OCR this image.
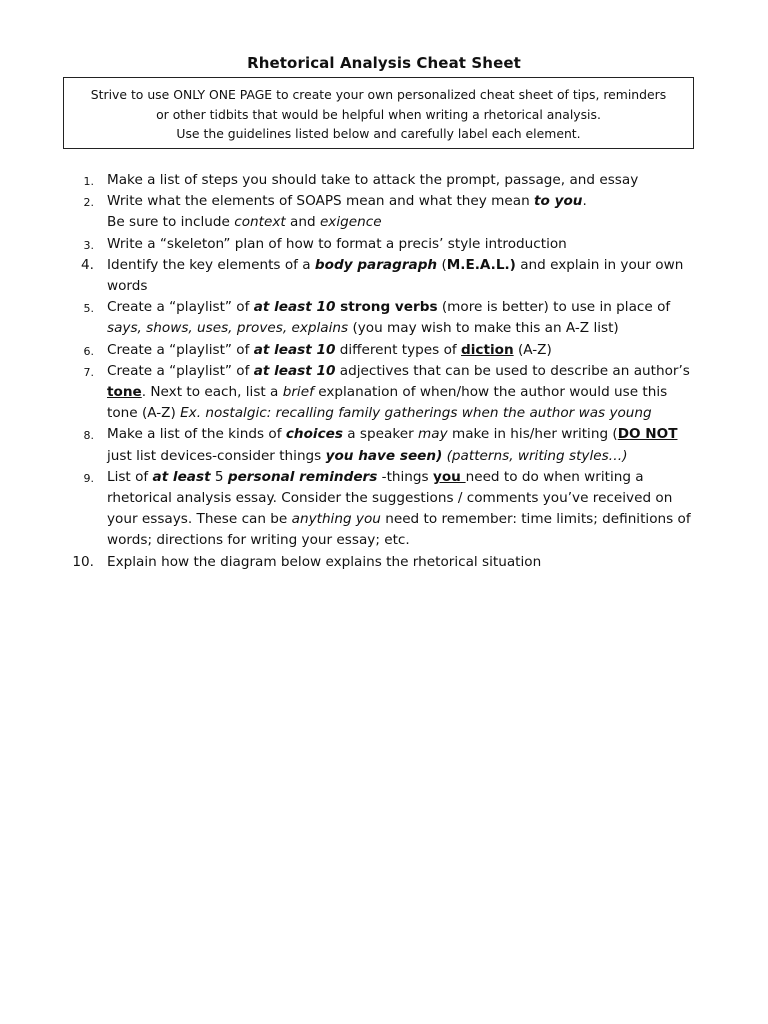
Rhetorical Analysis Cheat Sheet
Strive to use ONLY ONE PAGE to create your own personalized cheat sheet of tips, reminders
or other tidbits that would be helpful when writing a rhetorical analysis.
Use the guidelines listed below and carefully label each element.
1. Make a list of steps you should take to attack the prompt, passage, and essay
2. Write what the elements of SOAPS mean and what they mean to you.
Be sure to include context and exigence
3. Write a “skeleton” plan of how to format a precis’ style introduction
4. Identify the key elements of a body paragraph (M.E.A.L.) and explain in your own words
5. Create a “playlist” of at least 10 strong verbs (more is better) to use in place of says, shows, uses, proves, explains (you may wish to make this an A-Z list)
6. Create a “playlist” of at least 10 different types of diction (A-Z)
7. Create a “playlist” of at least 10 adjectives that can be used to describe an author’s tone. Next to each, list a brief explanation of when/how the author would use this tone (A-Z) Ex. nostalgic: recalling family gatherings when the author was young
8. Make a list of the kinds of choices a speaker may make in his/her writing (DO NOT just list devices-consider things you have seen) (patterns, writing styles…)
9. List of at least 5 personal reminders -things you need to do when writing a rhetorical analysis essay. Consider the suggestions / comments you’ve received on your essays. These can be anything you need to remember: time limits; definitions of words; directions for writing your essay; etc.
10. Explain how the diagram below explains the rhetorical situation
